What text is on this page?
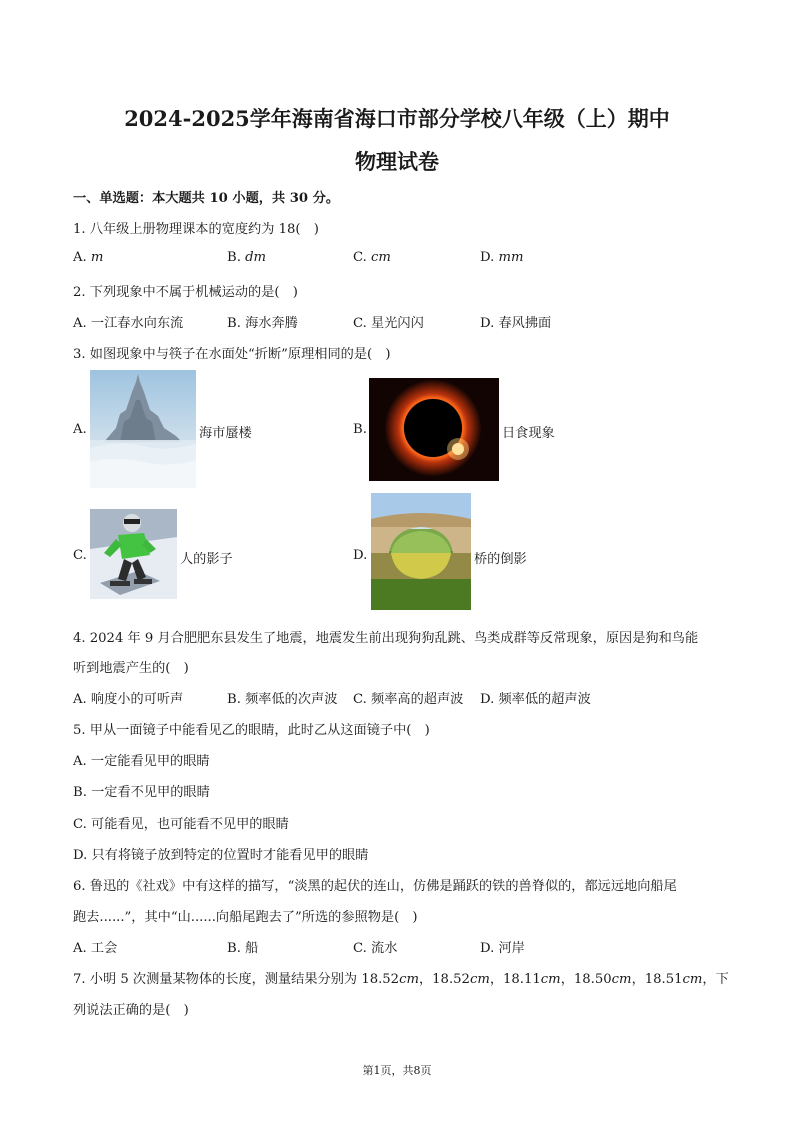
2024-2025学年海南省海口市部分学校八年级（上）期中
物理试卷
一、单选题：本大题共 10 小题，共 30 分。
1. 八年级上册物理课本的宽度约为 18(　)
A. m	B. dm	C. cm	D. mm
2. 下列现象中不属于机械运动的是(　)
A. 一江春水向东流	B. 海水奔腾	C. 星光闪闪	D. 春风拂面
3. 如图现象中与筷子在水面处“折断”原理相同的是(　)
A.	海市蜃楼	B.	日食现象
C.	人的影子	D.	桥的倒影
4. 2024 年 9 月合肥肥东县发生了地震，地震发生前出现狗狗乱跳、鸟类成群等反常现象，原因是狗和鸟能
听到地震产生的(　)
A. 响度小的可听声	B. 频率低的次声波 C. 频率高的超声波 D. 频率低的超声波
5. 甲从一面镜子中能看见乙的眼睛，此时乙从这面镜子中(　)
A. 一定能看见甲的眼睛
B. 一定看不见甲的眼睛
C. 可能看见，也可能看不见甲的眼睛
D. 只有将镜子放到特定的位置时才能看见甲的眼睛
6. 鲁迅的《社戏》中有这样的描写，“淡黑的起伏的连山，仿佛是踊跃的铁的兽脊似的，都远远地向船尾
跑去......”，其中“山......向船尾跑去了”所选的参照物是(　)
A. 工会	B. 船	C. 流水	D. 河岸
7. 小明 5 次测量某物体的长度，测量结果分别为 18.52cm，18.52cm，18.11cm，18.50cm，18.51cm，下
列说法正确的是(　)
第1页，共8页
